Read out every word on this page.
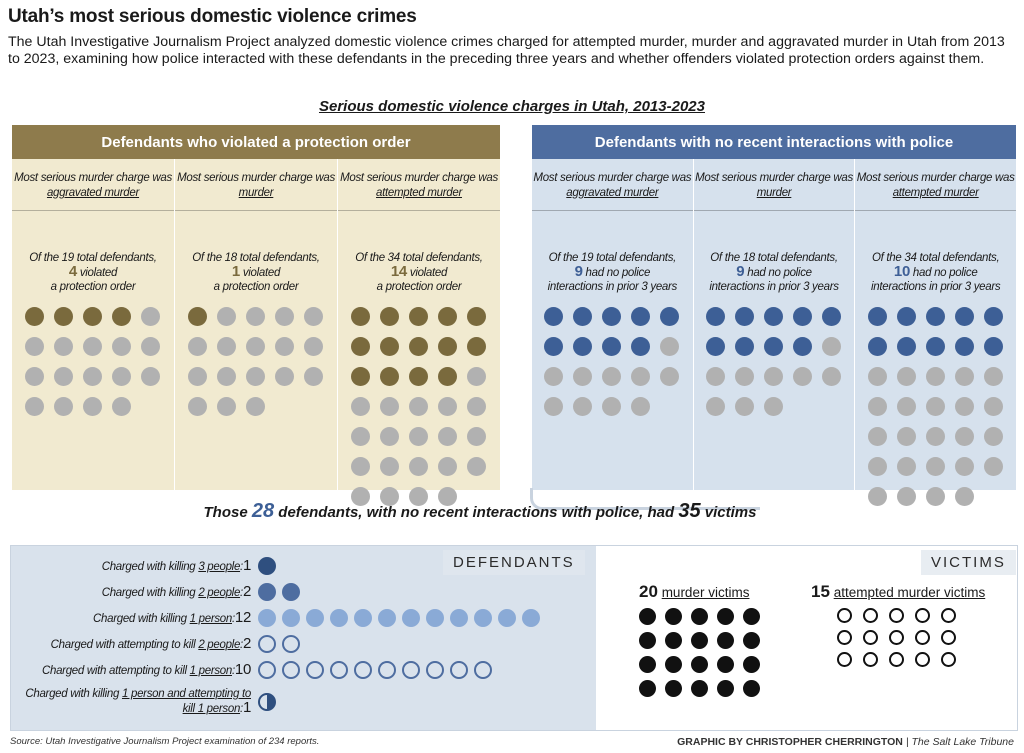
Utah’s most serious domestic violence crimes
The Utah Investigative Journalism Project analyzed domestic violence crimes charged for attempted murder, murder and aggravated murder in Utah from 2013 to 2023, examining how police interacted with these defendants in the preceding three years and whether offenders violated protection orders against them.
Serious domestic violence charges in Utah, 2013-2023
Defendants who violated a protection order
Most serious murder charge was
aggravated murder
Of the 19 total defendants,
4 violated
a protection order
Most serious murder charge was
murder
Of the 18 total defendants,
1 violated
a protection order
Most serious murder charge was
attempted murder
Of the 34 total defendants,
14 violated
a protection order
Defendants with no recent interactions with police
Most serious murder charge was
aggravated murder
Of the 19 total defendants,
9 had no police
interactions in prior 3 years
Most serious murder charge was
murder
Of the 18 total defendants,
9 had no police
interactions in prior 3 years
Most serious murder charge was
attempted murder
Of the 34 total defendants,
10 had no police
interactions in prior 3 years
Those 28 defendants, with no recent interactions with police, had 35 victims
Charged with killing 3 people:1
Charged with killing 2 people:2
Charged with killing 1 person:12
Charged with attempting to kill 2 people:2
Charged with attempting to kill 1 person:10
Charged with killing 1 person and attempting to kill 1 person:1
DEFENDANTS	VICTIMS
20 murder victims	15 attempted murder victims
Source: Utah Investigative Journalism Project examination of 234 reports.	GRAPHIC BY CHRISTOPHER CHERRINGTON | The Salt Lake Tribune
